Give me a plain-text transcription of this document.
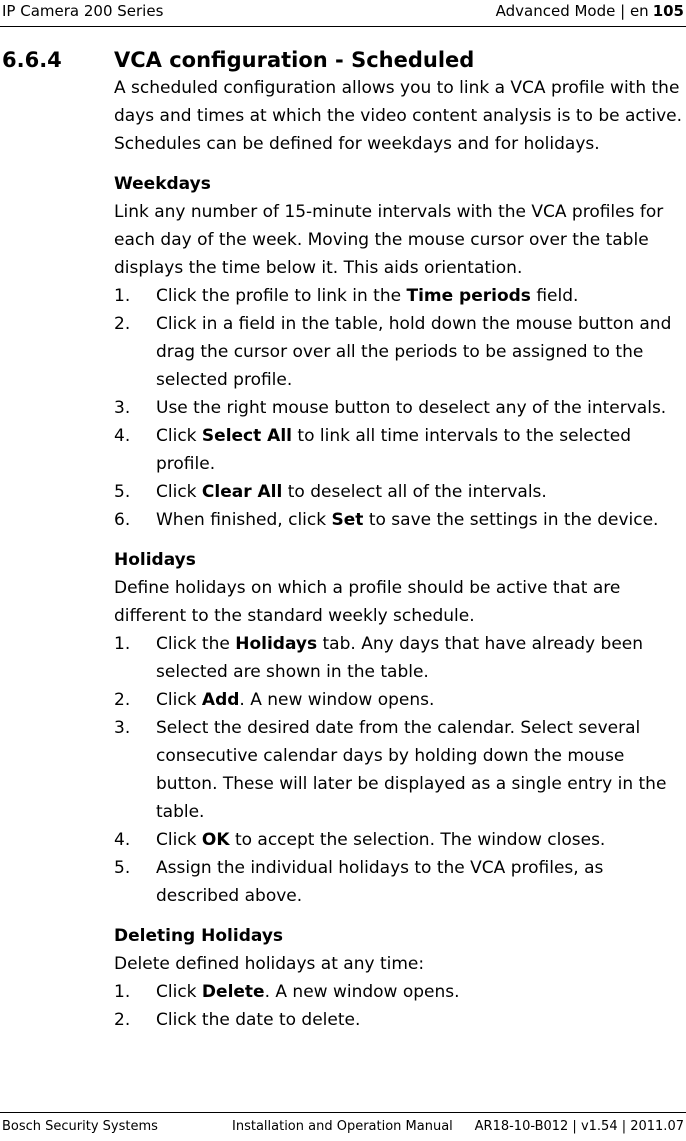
IP Camera 200 Series	Advanced Mode | en 105
6.6.4 VCA configuration - Scheduled

A scheduled configuration allows you to link a VCA profile with the days and times at which the video content analysis is to be active. Schedules can be defined for weekdays and for holidays.

Weekdays

Link any number of 15-minute intervals with the VCA profiles for each day of the week. Moving the mouse cursor over the table displays the time below it. This aids orientation.

1. Click the profile to link in the Time periods field.
2. Click in a field in the table, hold down the mouse button and drag the cursor over all the periods to be assigned to the selected profile.
3. Use the right mouse button to deselect any of the intervals.
4. Click Select All to link all time intervals to the selected profile.
5. Click Clear All to deselect all of the intervals.
6. When finished, click Set to save the settings in the device.
Holidays

Define holidays on which a profile should be active that are different to the standard weekly schedule.

1. Click the Holidays tab. Any days that have already been selected are shown in the table.
2. Click Add. A new window opens.
3. Select the desired date from the calendar. Select several consecutive calendar days by holding down the mouse button. These will later be displayed as a single entry in the table.
4. Click OK to accept the selection. The window closes.
5. Assign the individual holidays to the VCA profiles, as described above.
Deleting Holidays

Delete defined holidays at any time:

1. Click Delete. A new window opens.
2. Click the date to delete.
Bosch Security Systems	Installation and Operation Manual AR18-10-B012 | v1.54 | 2011.07
